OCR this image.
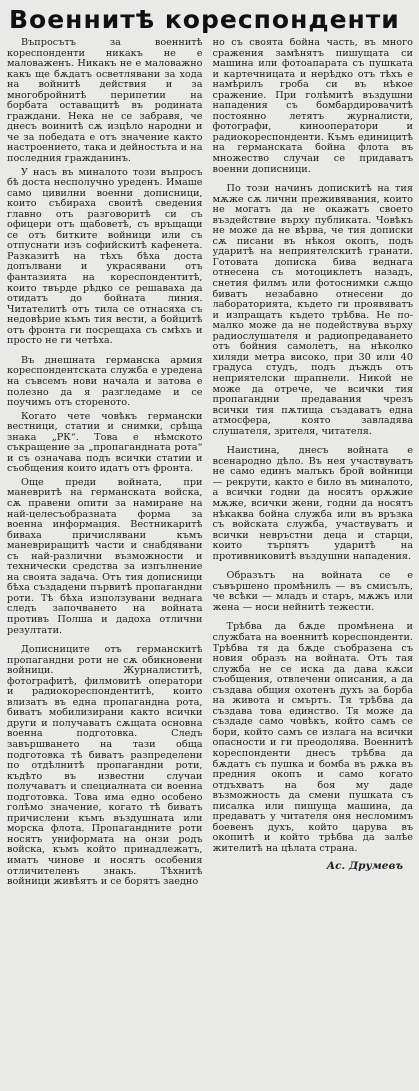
Военнитѣ кореспонденти

Въпросътъ за военнитѣ кореспонденти никакъ не е маловаженъ. Никакъ не е маловажно какъ ще бѫдатъ осветлявани за хода на войнитѣ действия и за многобройнитѣ перипетии на борбата оставащитѣ въ родината граждани. Нека не се забравя, че днесъ воинитѣ сѫ изцѣло народни и че за победата е отъ значение както настроението, така и дейностьта и на последния гражданинъ.

У насъ въ миналото този въпросъ бѣ доста несполучно уреденъ. Имаше само цивилни военни дописници, които събираха своитѣ сведения главно отъ разговоритѣ си съ офицери отъ щабоветѣ, съ връщащи се отъ битките войници или съ отпуснати изъ софийскитѣ кафенета. Разказитѣ на тѣхъ бѣха доста допълвани и украсявани отъ фантазията на кореспондентитѣ, които твърде рѣдко се решаваха да отидатъ до бойната линия. Читателитѣ отъ тила се отнасяха съ недовѣрие къмъ тия вести, а бойцитѣ отъ фронта ги посрещаха съ смѣхъ и просто не ги четѣха.

Въ днешната германска армия кореспондентската служба е уредена на съвсемъ нови начала и затова е полезно да я разгледаме и се поучимъ отъ стореното.

Когато чете човѣкъ германски вестници, статии и снимки, срѣща знака „РК“. Това е нѣмското съкращение за „пропагандната рота“ и съ означава подъ всички статии и съобщения които идатъ отъ фронта.

Още преди войната, при маневритѣ на германската войска, сѫ правени опити за намиране на най-целесъобразната форма за военна информация. Вестникаритѣ биваха причислявани къмъ маневриращитѣ части и снабдявани съ най-различни възможности и технически средства за изпълнение на своята задача. Отъ тия дописници бѣха създадени първитѣ пропагандни роти. Тѣ бѣха използувани веднага следъ започването на войната противъ Полша и дадоха отлични резултати.

Дописниците отъ германскитѣ пропагандни роти не сѫ обикновени войници. Журналиститѣ, фотографитѣ, филмовитѣ оператори и радиокореспондентитѣ, които влизатъ въ една пропагандна рота, биватъ мобилизирани както всички други и получаватъ сѫщата основна военна подготовка. Следъ завършването на тази обща подготовка тѣ биватъ разпределени по отдѣлнитѣ пропагандни роти, къдѣто въ известни случаи получаватъ и специалната си военна подготовка. Това има едно особено голѣмо значение, когато тѣ биватъ причислени къмъ въздушната или морска флота. Пропагандните роти носятъ униформата на онзи родъ войска, къмъ който принадлежатъ, иматъ чинове и носятъ особения отличителенъ знакъ. Тѣхнитѣ войници живѣятъ и се борятъ заедно

но съ своята бойна часть, въ много сражения замѣнятъ пишущата си машина или фотоапарата съ пушката и картечницата и нерѣдко отъ тѣхъ е намѣрилъ гроба си въ нѣкое сражение. При голѣмитѣ въздушни нападения съ бомбардировачитѣ постоянно летятъ журналисти, фотографи, кинооператори и радиокореспонденти. Къмъ единицитѣ на германската бойна флота въ множество случаи се придаватъ военни дописници.

По този начинъ допискитѣ на тия мѫже сѫ лични преживявания, които не могатъ да не окажатъ своето въздействие върху публиката. Човѣкъ не може да не вѣрва, че тия дописки сѫ писани въ нѣкоя окопъ, подъ ударитѣ на неприятелскитѣ гранати. Готовата дописка бива веднага отнесена съ мотоциклетъ назадъ, снетия филмъ или фотоснимки сѫщо биватъ незабавно отнесени до лабораторията, където ги проявяватъ и изпращатъ където трѣбва. Не по-малко може да не подействува върху радиослушателя и радиопредаването отъ бойния самолетъ, на нѣколко хиляди метра високо, при 30 или 40 градуса студъ, подъ дъждъ отъ неприятелски шрапнели. Никой не може да отрече, че всички тия пропагандни предавания чрезъ всички тия пѫтища създаватъ една атмосфера, която завладява слушателя, зрителя, читателя.

Наистина, днесъ войната е всенародно дѣло. Въ нея участвуватъ не само единъ малъкъ брой войници — рекрути, както е било въ миналото, а всички годни да носятъ орѫжие мѫже, всички жени, годни да носятъ нѣкаква бойна служба или въ връзка съ войската служба, участвуватъ и всички невръстни деца и старци, които търпятъ ударитѣ на противниковитѣ въздушни нападения.

Образътъ на войната се е съвършено промѣнилъ — въ смисълъ, че всѣки — младъ и старъ, мѫжъ или жена — носи нейнитѣ тежести.

Трѣбва да бѫде промѣнена и службата на военнитѣ кореспонденти. Трѣбва тя да бѫде съобразена съ новия образъ на войната. Отъ тая служба не се иска да дава кѫси съобщения, отвлечени описания, а да създава общия охотенъ духъ за борба на живота и смъртъ. Тя трѣбва да създава това единство. Тя може да създаде само човѣкъ, който самъ се бори, който самъ се излага на всички опасности и ги преодолява. Военнитѣ кореспонденти днесъ трѣбва да бѫдатъ съ пушка и бомба въ рѫка въ предния окопъ и само когато отдъхватъ на боя му даде възможность да смени пушката съ писалка или пишуща машина, да предаватъ у читателя оня несломимъ боевенъ духъ, който царува въ окопитѣ и който трѣбва да залѣе жителитѣ на цѣлата страна.

Ас. Друмевъ
